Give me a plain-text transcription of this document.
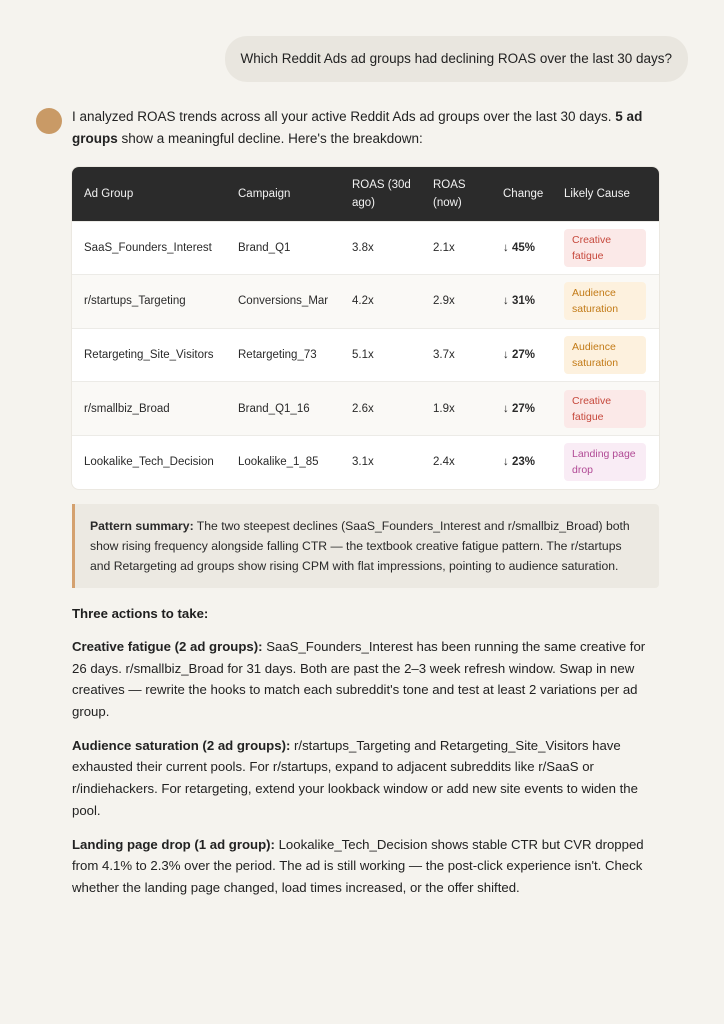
Which Reddit Ads ad groups had declining ROAS over the last 30 days?

I analyzed ROAS trends across all your active Reddit Ads ad groups over the last 30 days. 5 ad groups show a meaningful decline. Here's the breakdown:

Ad Group	Campaign	ROAS (30d ago)	ROAS (now)	Change	Likely Cause
SaaS_Founders_Interest	Brand_Q1	3.8x	2.1x	↓ 45%	Creative fatigue
r/startups_Targeting	Conversions_Mar	4.2x	2.9x	↓ 31%	Audience saturation
Retargeting_Site_Visitors	Retargeting_73	5.1x	3.7x	↓ 27%	Audience saturation
r/smallbiz_Broad	Brand_Q1_16	2.6x	1.9x	↓ 27%	Creative fatigue
Lookalike_Tech_Decision	Lookalike_1_85	3.1x	2.4x	↓ 23%	Landing page drop
Pattern summary: The two steepest declines (SaaS_Founders_Interest and r/smallbiz_Broad) both show rising frequency alongside falling CTR — the textbook creative fatigue pattern. The r/startups and Retargeting ad groups show rising CPM with flat impressions, pointing to audience saturation.
Three actions to take:

Creative fatigue (2 ad groups): SaaS_Founders_Interest has been running the same creative for 26 days. r/smallbiz_Broad for 31 days. Both are past the 2–3 week refresh window. Swap in new creatives — rewrite the hooks to match each subreddit's tone and test at least 2 variations per ad group.

Audience saturation (2 ad groups): r/startups_Targeting and Retargeting_Site_Visitors have exhausted their current pools. For r/startups, expand to adjacent subreddits like r/SaaS or r/indiehackers. For retargeting, extend your lookback window or add new site events to widen the pool.

Landing page drop (1 ad group): Lookalike_Tech_Decision shows stable CTR but CVR dropped from 4.1% to 2.3% over the period. The ad is still working — the post-click experience isn't. Check whether the landing page changed, load times increased, or the offer shifted.
